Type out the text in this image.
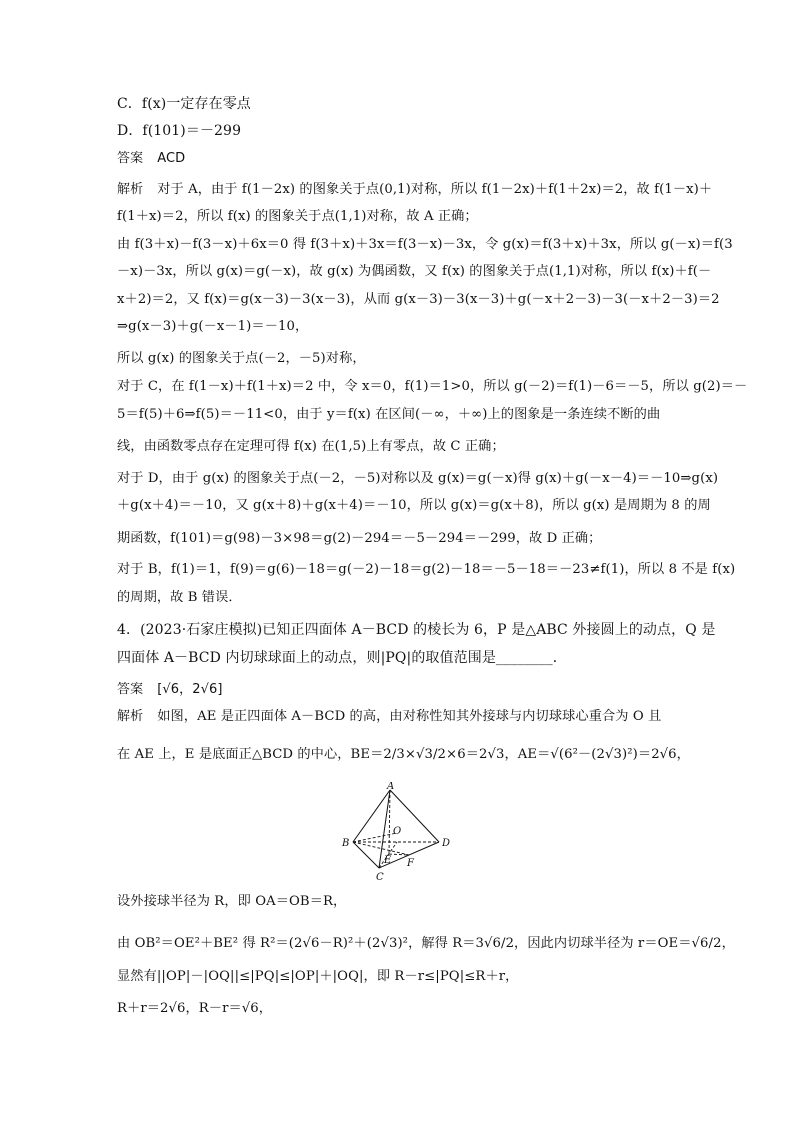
C．f(x)一定存在零点
D．f(101)＝－299
答案 ACD
解析 对于 A，由于 f(1－2x) 的图象关于点(0,1)对称，所以 f(1－2x)＋f(1＋2x)＝2，故 f(1－x)＋
f(1＋x)＝2，所以 f(x) 的图象关于点(1,1)对称，故 A 正确；
由 f(3＋x)－f(3－x)＋6x＝0 得 f(3＋x)＋3x＝f(3－x)－3x，令 g(x)＝f(3＋x)＋3x，所以 g(－x)＝f(3
－x)－3x，所以 g(x)＝g(－x)，故 g(x) 为偶函数，又 f(x) 的图象关于点(1,1)对称，所以 f(x)＋f(－
x＋2)＝2，又 f(x)＝g(x－3)－3(x－3)，从而 g(x－3)－3(x－3)＋g(－x＋2－3)－3(－x＋2－3)＝2
⇒g(x－3)＋g(－x－1)＝－10，
所以 g(x) 的图象关于点(－2，－5)对称，
对于 C，在 f(1－x)＋f(1＋x)＝2 中，令 x＝0，f(1)＝1>0，所以 g(－2)＝f(1)－6＝－5，所以 g(2)＝－
5＝f(5)＋6⇒f(5)＝－11<0，由于 y＝f(x) 在区间(－∞，＋∞)上的图象是一条连续不断的曲
线，由函数零点存在定理可得 f(x) 在(1,5)上有零点，故 C 正确；
对于 D，由于 g(x) 的图象关于点(－2，－5)对称以及 g(x)＝g(－x)得 g(x)＋g(－x－4)＝－10⇒g(x)
＋g(x＋4)＝－10，又 g(x＋8)＋g(x＋4)＝－10，所以 g(x)＝g(x＋8)，所以 g(x) 是周期为 8 的周
期函数，f(101)＝g(98)－3×98＝g(2)－294＝－5－294＝－299，故 D 正确；
对于 B，f(1)＝1，f(9)＝g(6)－18＝g(－2)－18＝g(2)－18＝－5－18＝－23≠f(1)，所以 8 不是 f(x)
的周期，故 B 错误．
4．(2023·石家庄模拟)已知正四面体 A－BCD 的棱长为 6，P 是△ABC 外接圆上的动点，Q 是
四面体 A－BCD 内切球球面上的动点，则|PQ|的取值范围是________．
答案 [√6，2√6]
解析 如图，AE 是正四面体 A－BCD 的高，由对称性知其外接球与内切球球心重合为 O 且
在 AE 上，E 是底面正△BCD 的中心，BE＝2/3×√3/2×6＝2√3，AE＝√(6²－(2√3)²)＝2√6，
A
B
C
D
O
E F
设外接球半径为 R，即 OA＝OB＝R，
由 OB²＝OE²＋BE² 得 R²＝(2√6－R)²＋(2√3)²，解得 R＝3√6/2，因此内切球半径为 r＝OE＝√6/2，
显然有||OP|－|OQ||≤|PQ|≤|OP|＋|OQ|，即 R－r≤|PQ|≤R＋r，
R＋r＝2√6，R－r＝√6，
